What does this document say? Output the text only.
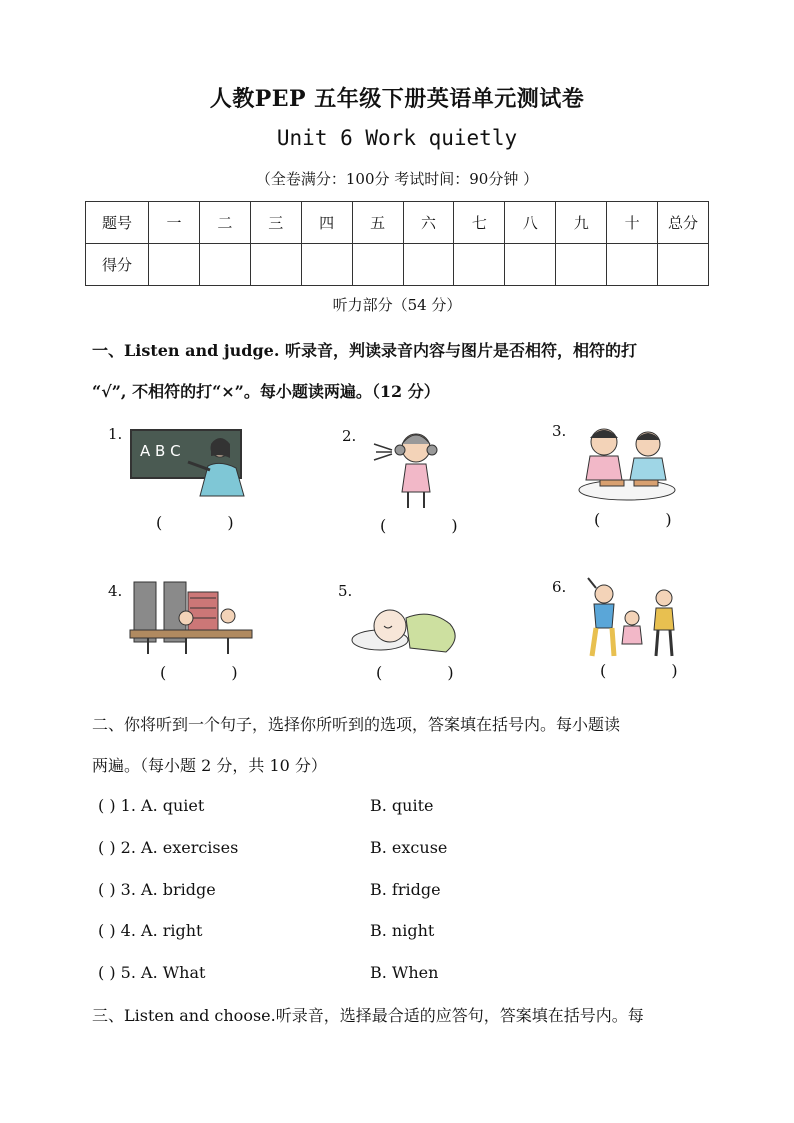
人教PEP 五年级下册英语单元测试卷
Unit 6 Work quietly
（全卷满分：100分 考试时间：90分钟 ）
题号	一	二	三	四	五	六	七	八	九	十	总分
得分											
听力部分（54 分）
一、Listen and judge. 听录音，判读录音内容与图片是否相符，相符的打
“√”, 不相符的打“×”。每小题读两遍。（12 分）
1.
A B C
( )
2.
( )
3.
( )
4.
( )
5.
( )
6.
( )
二、你将听到一个句子，选择你所听到的选项，答案填在括号内。每小题读
两遍。（每小题 2 分，共 10 分）
( ) 1. A. quiet	B. quite
( ) 2. A. exercises	B. excuse
( ) 3. A. bridge	B. fridge
( ) 4. A. right	B. night
( ) 5. A. What	B. When
三、Listen and choose.听录音，选择最合适的应答句，答案填在括号内。每
